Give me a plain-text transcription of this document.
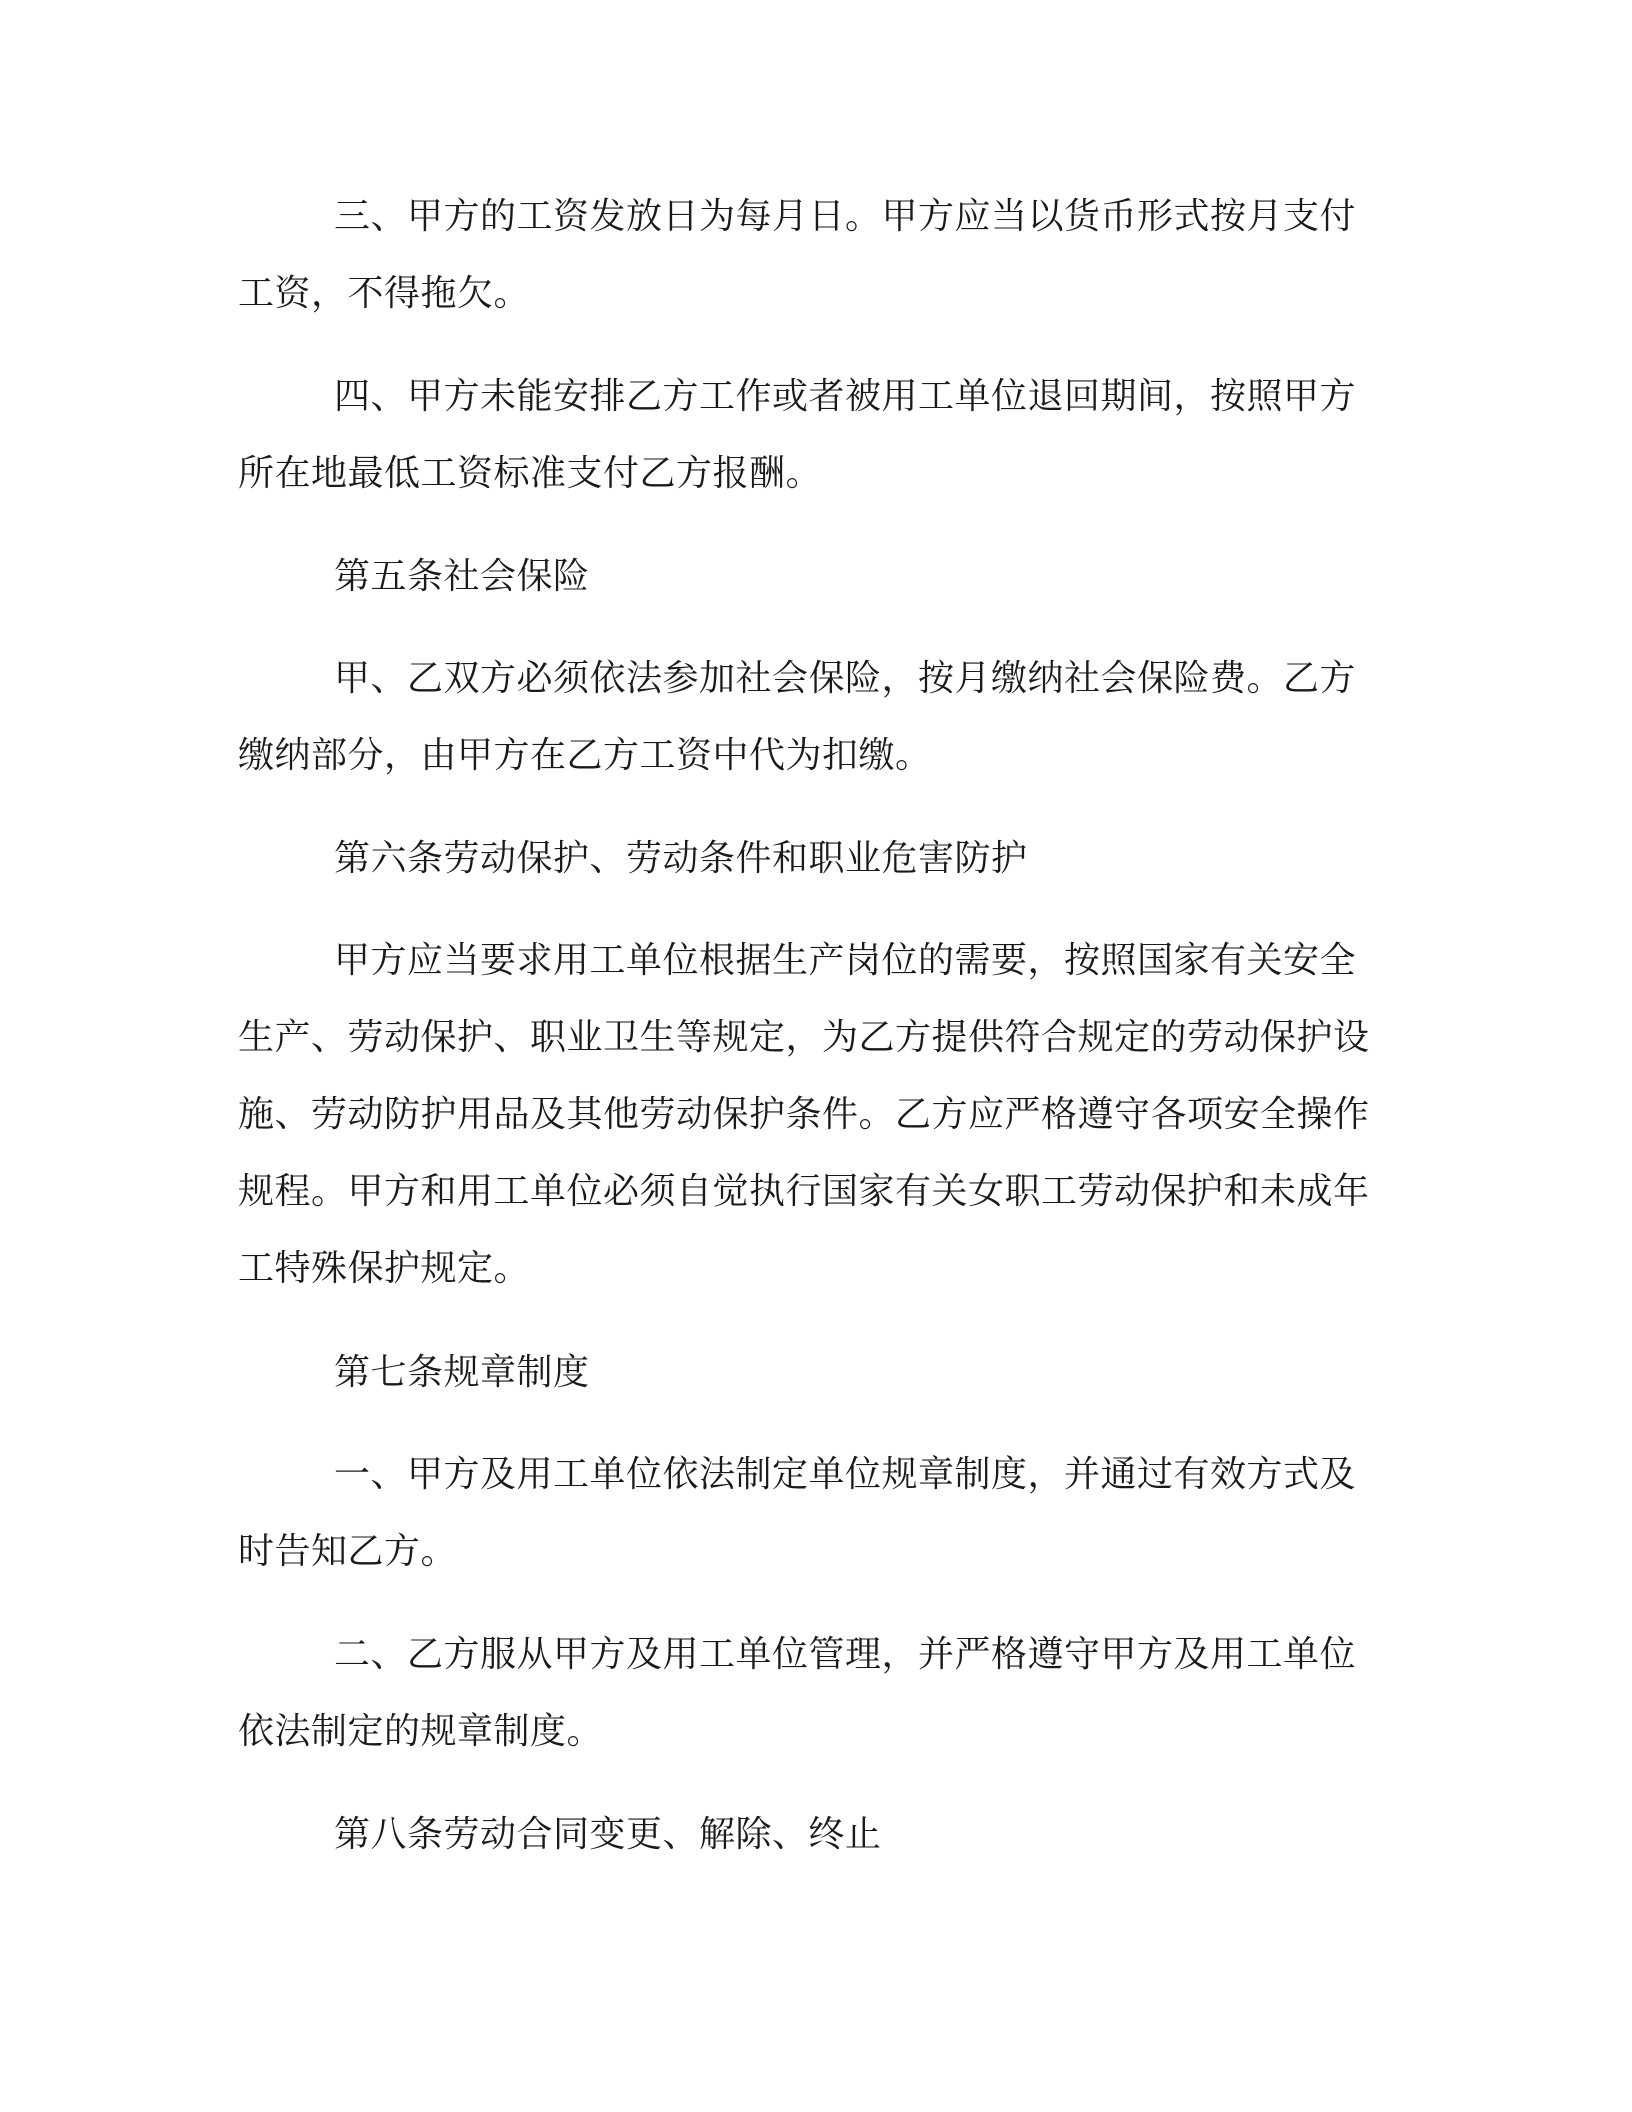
三、甲方的工资发放日为每月日。甲方应当以货币形式按月支付工资，不得拖欠。

四、甲方未能安排乙方工作或者被用工单位退回期间，按照甲方所在地最低工资标准支付乙方报酬。

第五条社会保险

甲、乙双方必须依法参加社会保险，按月缴纳社会保险费。乙方缴纳部分，由甲方在乙方工资中代为扣缴。

第六条劳动保护、劳动条件和职业危害防护

甲方应当要求用工单位根据生产岗位的需要，按照国家有关安全生产、劳动保护、职业卫生等规定，为乙方提供符合规定的劳动保护设施、劳动防护用品及其他劳动保护条件。乙方应严格遵守各项安全操作规程。甲方和用工单位必须自觉执行国家有关女职工劳动保护和未成年工特殊保护规定。

第七条规章制度

一、甲方及用工单位依法制定单位规章制度，并通过有效方式及时告知乙方。

二、乙方服从甲方及用工单位管理，并严格遵守甲方及用工单位依法制定的规章制度。

第八条劳动合同变更、解除、终止
